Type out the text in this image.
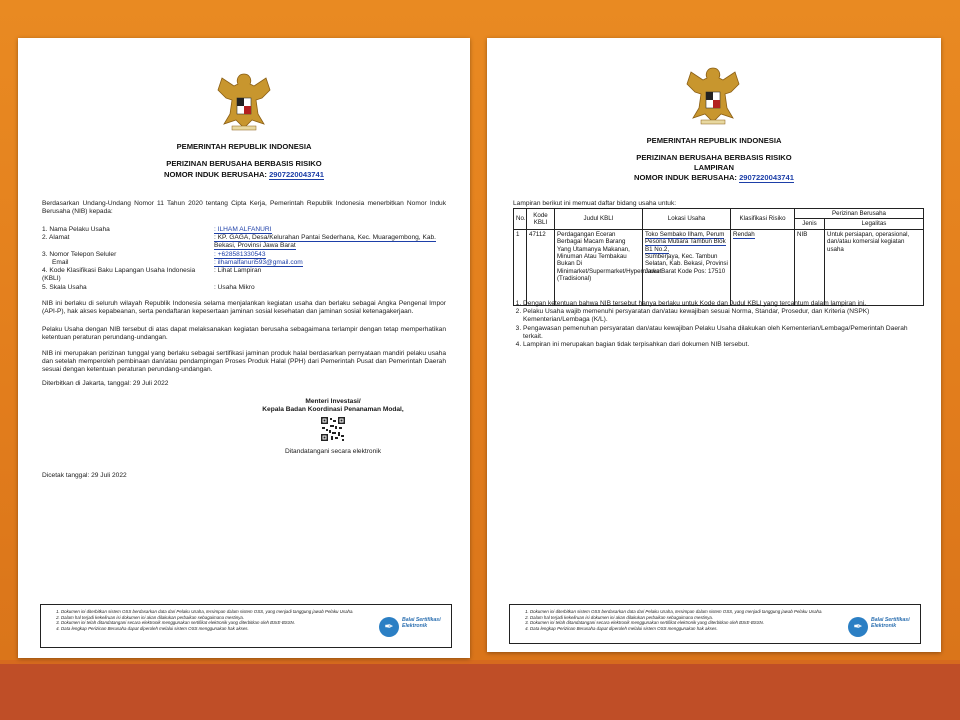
PEMERINTAH REPUBLIK INDONESIA
PERIZINAN BERUSAHA BERBASIS RISIKO
NOMOR INDUK BERUSAHA: 2907220043741
Berdasarkan Undang-Undang Nomor 11 Tahun 2020 tentang Cipta Kerja, Pemerintah Republik Indonesia menerbitkan Nomor Induk Berusaha (NIB) kepada:
1. Nama Pelaku Usaha	: ILHAM ALFANURI
2. Alamat	: KP. GAGA, Desa/Kelurahan Pantai Sederhana, Kec. Muaragembong, Kab. Bekasi, Provinsi Jawa Barat
3. Nomor Telepon Seluler	: +628581330543
Email	: ilhamalfanuri593@gmail.com
4. Kode Klasifikasi Baku Lapangan Usaha Indonesia (KBLI)
: Lihat Lampiran
5. Skala Usaha	: Usaha Mikro
NIB ini berlaku di seluruh wilayah Republik Indonesia selama menjalankan kegiatan usaha dan berlaku sebagai Angka Pengenal Impor (API-P), hak akses kepabeanan, serta pendaftaran kepesertaan jaminan sosial kesehatan dan jaminan sosial ketenagakerjaan.
Pelaku Usaha dengan NIB tersebut di atas dapat melaksanakan kegiatan berusaha sebagaimana terlampir dengan tetap memperhatikan ketentuan peraturan perundang-undangan.
NIB ini merupakan perizinan tunggal yang berlaku sebagai sertifikasi jaminan produk halal berdasarkan pernyataan mandiri pelaku usaha dan setelah memperoleh pembinaan dan/atau pendampingan Proses Produk Halal (PPH) dari Pemerintah Pusat dan Pemerintah Daerah sesuai dengan ketentuan peraturan perundang-undangan.
Diterbitkan di Jakarta, tanggal: 29 Juli 2022
Menteri Investasi/
Kepala Badan Koordinasi Penanaman Modal,
Ditandatangani secara elektronik
Dicetak tanggal: 29 Juli 2022
1. Dokumen ini diterbitkan sistem OSS berdasarkan data dari Pelaku Usaha, tersimpan dalam sistem OSS, yang menjadi tanggung jawab Pelaku Usaha.
2. Dalam hal terjadi kekeliruan isi dokumen ini akan dilakukan perbaikan sebagaimana mestinya.
3. Dokumen ini telah ditandatangani secara elektronik menggunakan sertifikat elektronik yang diterbitkan oleh BSrE-BSSN.
4. Data lengkap Perizinan Berusaha dapat diperoleh melalui sistem OSS menggunakan hak akses.	✒
Balai Sertifikasi Elektronik
PEMERINTAH REPUBLIK INDONESIA
PERIZINAN BERUSAHA BERBASIS RISIKO
LAMPIRAN
NOMOR INDUK BERUSAHA: 2907220043741
Lampiran berikut ini memuat daftar bidang usaha untuk:
No.	Kode KBLI	Judul KBLI	Lokasi Usaha	Klasifikasi Risiko	Perizinan Berusaha	
					Jenis	Legalitas
1	47112	Perdagangan Eceran Berbagai Macam Barang Yang Utamanya Makanan, Minuman Atau Tembakau Bukan Di Minimarket/Supermarket/Hypermarket (Tradisional)	Toko Sembako Ilham, Perum Pesona Mutiara Tambun Blok B1 No.2,
Sumberjaya, Kec. Tambun Selatan, Kab. Bekasi, Provinsi Jawa Barat Kode Pos: 17510	Rendah	NIB	Untuk persiapan, operasional, dan/atau komersial kegiatan usaha
1. Dengan ketentuan bahwa NIB tersebut hanya berlaku untuk Kode dan Judul KBLI yang tercantum dalam lampiran ini.
2. Pelaku Usaha wajib memenuhi persyaratan dan/atau kewajiban sesuai Norma, Standar, Prosedur, dan Kriteria (NSPK) Kementerian/Lembaga (K/L).
3. Pengawasan pemenuhan persyaratan dan/atau kewajiban Pelaku Usaha dilakukan oleh Kementerian/Lembaga/Pemerintah Daerah terkait.
4. Lampiran ini merupakan bagian tidak terpisahkan dari dokumen NIB tersebut.
1. Dokumen ini diterbitkan sistem OSS berdasarkan data dari Pelaku Usaha, tersimpan dalam sistem OSS, yang menjadi tanggung jawab Pelaku Usaha.
2. Dalam hal terjadi kekeliruan isi dokumen ini akan dilakukan perbaikan sebagaimana mestinya.
3. Dokumen ini telah ditandatangani secara elektronik menggunakan sertifikat elektronik yang diterbitkan oleh BSrE-BSSN.
4. Data lengkap Perizinan Berusaha dapat diperoleh melalui sistem OSS menggunakan hak akses.	✒
Balai Sertifikasi Elektronik
